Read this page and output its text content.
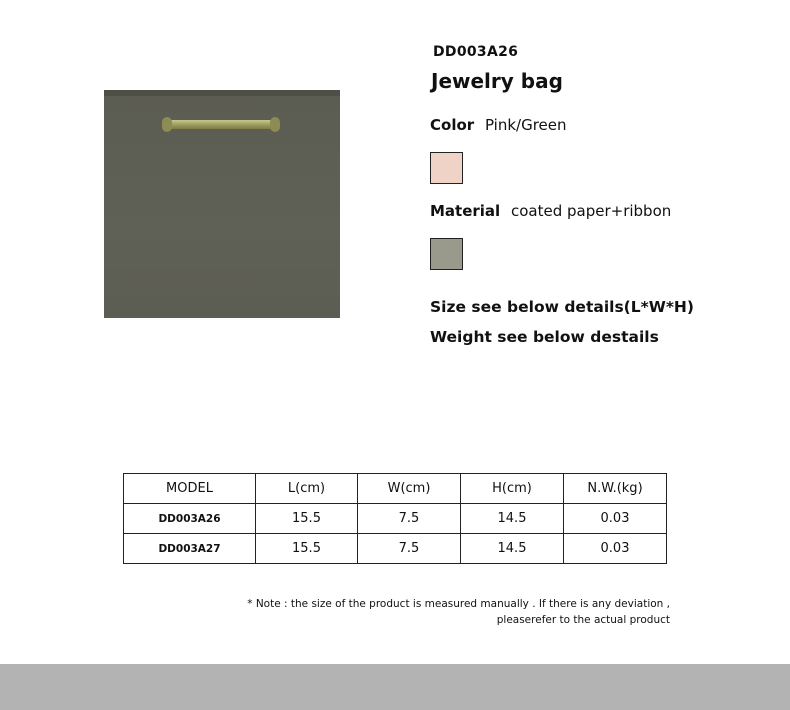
DD003A26
Jewelry bag
Color Pink/Green
Material coated paper+ribbon
Size see below details(L*W*H)
Weight see below destails
MODEL	L(cm)	W(cm)	H(cm)	N.W.(kg)
DD003A26	15.5	7.5	14.5	0.03
DD003A27	15.5	7.5	14.5	0.03
* Note : the size of the product is measured manually . If there is any deviation ,
pleaserefer to the actual product
